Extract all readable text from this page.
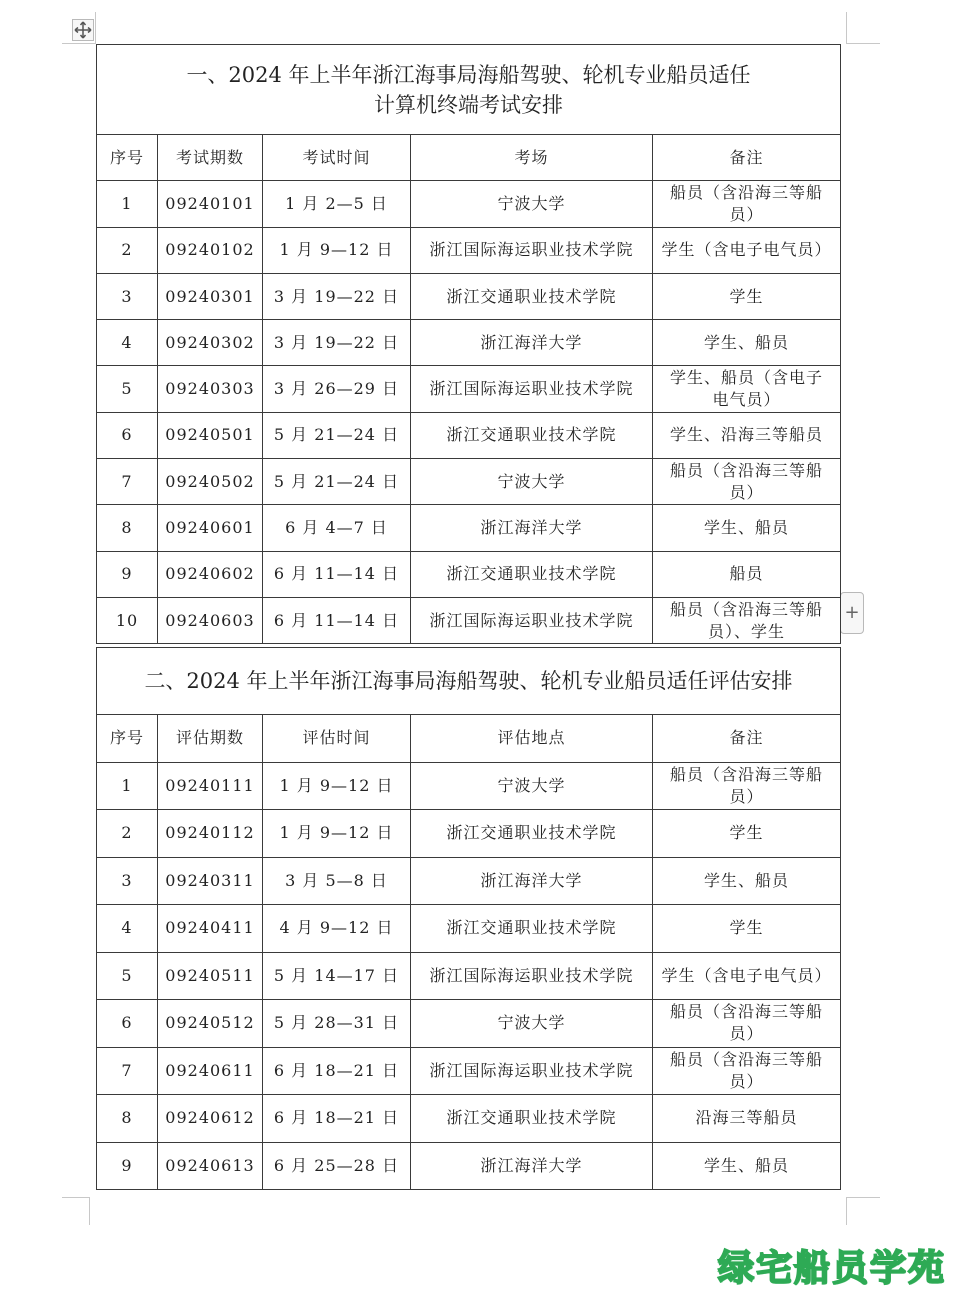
+
一、2024 年上半年浙江海事局海船驾驶、轮机专业船员适任
计算机终端考试安排				

序号	考试期数	考试时间	考场	备注
1	09240101	1 月 2—5 日	宁波大学	船员（含沿海三等船员）
2	09240102	1 月 9—12 日	浙江国际海运职业技术学院	学生（含电子电气员）
3	09240301	3 月 19—22 日	浙江交通职业技术学院	学生
4	09240302	3 月 19—22 日	浙江海洋大学	学生、船员
5	09240303	3 月 26—29 日	浙江国际海运职业技术学院	学生、船员（含电子电气员）
6	09240501	5 月 21—24 日	浙江交通职业技术学院	学生、沿海三等船员
7	09240502	5 月 21—24 日	宁波大学	船员（含沿海三等船员）
8	09240601	6 月 4—7 日	浙江海洋大学	学生、船员
9	09240602	6 月 11—14 日	浙江交通职业技术学院	船员
10	09240603	6 月 11—14 日	浙江国际海运职业技术学院	船员（含沿海三等船员）、学生
二、2024 年上半年浙江海事局海船驾驶、轮机专业船员适任评估安排				
序号	评估期数	评估时间	评估地点	备注
1	09240111	1 月 9—12 日	宁波大学	船员（含沿海三等船员）
2	09240112	1 月 9—12 日	浙江交通职业技术学院	学生
3	09240311	3 月 5—8 日	浙江海洋大学	学生、船员
4	09240411	4 月 9—12 日	浙江交通职业技术学院	学生
5	09240511	5 月 14—17 日	浙江国际海运职业技术学院	学生（含电子电气员）
6	09240512	5 月 28—31 日	宁波大学	船员（含沿海三等船员）
7	09240611	6 月 18—21 日	浙江国际海运职业技术学院	船员（含沿海三等船员）
8	09240612	6 月 18—21 日	浙江交通职业技术学院	沿海三等船员
9	09240613	6 月 25—28 日	浙江海洋大学	学生、船员
绿宅船员学苑
